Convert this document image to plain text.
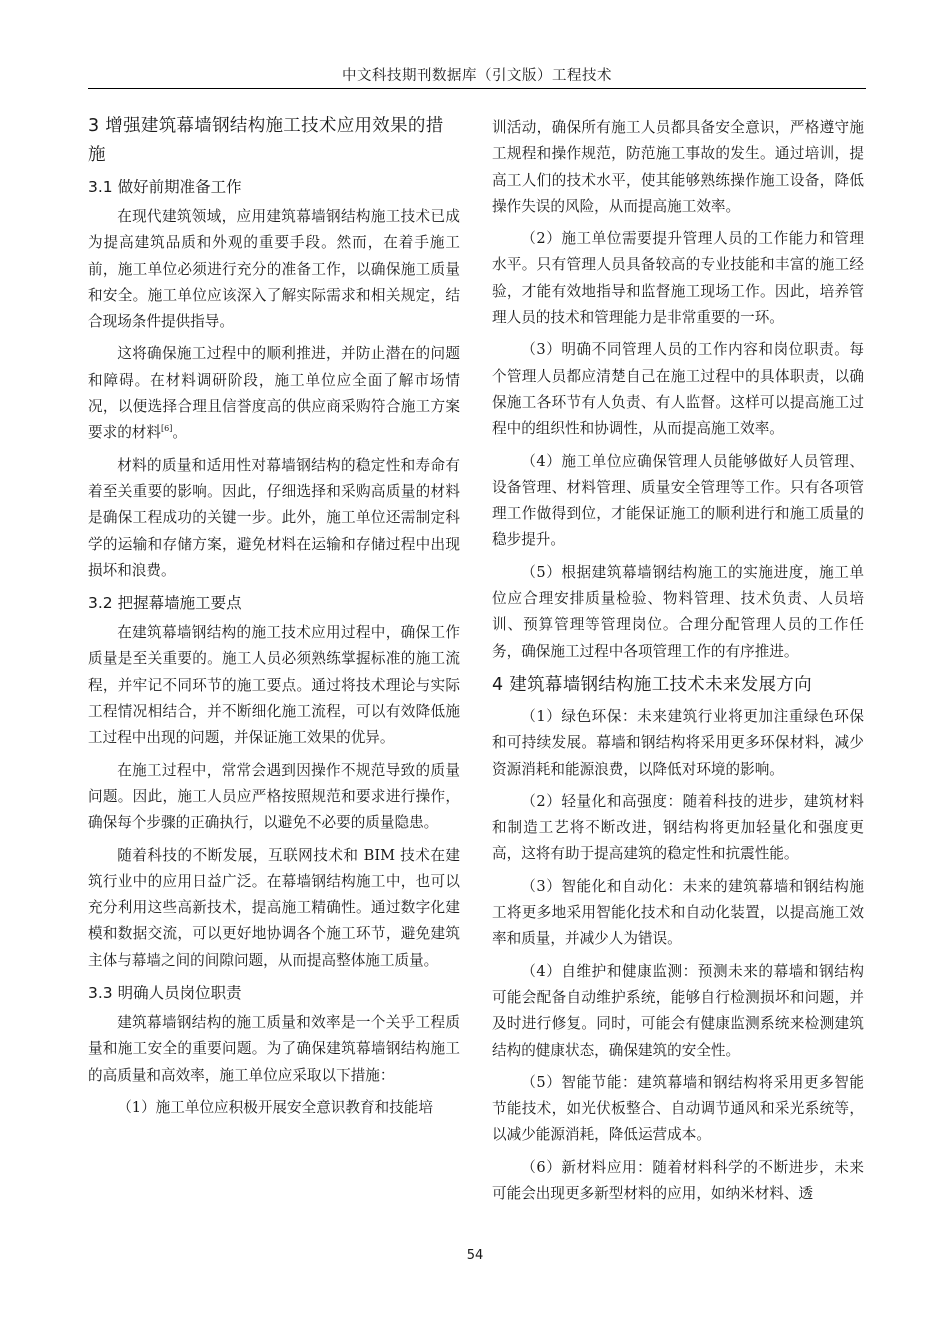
中文科技期刊数据库（引文版）工程技术
3 增强建筑幕墙钢结构施工技术应用效果的措施
3.1 做好前期准备工作

在现代建筑领域，应用建筑幕墙钢结构施工技术已成为提高建筑品质和外观的重要手段。然而，在着手施工前，施工单位必须进行充分的准备工作，以确保施工质量和安全。施工单位应该深入了解实际需求和相关规定，结合现场条件提供指导。

这将确保施工过程中的顺利推进，并防止潜在的问题和障碍。在材料调研阶段，施工单位应全面了解市场情况，以便选择合理且信誉度高的供应商采购符合施工方案要求的材料[6]。

材料的质量和适用性对幕墙钢结构的稳定性和寿命有着至关重要的影响。因此，仔细选择和采购高质量的材料是确保工程成功的关键一步。此外，施工单位还需制定科学的运输和存储方案，避免材料在运输和存储过程中出现损坏和浪费。

3.2 把握幕墙施工要点

在建筑幕墙钢结构的施工技术应用过程中，确保工作质量是至关重要的。施工人员必须熟练掌握标准的施工流程，并牢记不同环节的施工要点。通过将技术理论与实际工程情况相结合，并不断细化施工流程，可以有效降低施工过程中出现的问题，并保证施工效果的优异。

在施工过程中，常常会遇到因操作不规范导致的质量问题。因此，施工人员应严格按照规范和要求进行操作，确保每个步骤的正确执行，以避免不必要的质量隐患。

随着科技的不断发展，互联网技术和 BIM 技术在建筑行业中的应用日益广泛。在幕墙钢结构施工中，也可以充分利用这些高新技术，提高施工精确性。通过数字化建模和数据交流，可以更好地协调各个施工环节，避免建筑主体与幕墙之间的间隙问题，从而提高整体施工质量。

3.3 明确人员岗位职责

建筑幕墙钢结构的施工质量和效率是一个关乎工程质量和施工安全的重要问题。为了确保建筑幕墙钢结构施工的高质量和高效率，施工单位应采取以下措施：

（1）施工单位应积极开展安全意识教育和技能培

训活动，确保所有施工人员都具备安全意识，严格遵守施工规程和操作规范，防范施工事故的发生。通过培训，提高工人们的技术水平，使其能够熟练操作施工设备，降低操作失误的风险，从而提高施工效率。

（2）施工单位需要提升管理人员的工作能力和管理水平。只有管理人员具备较高的专业技能和丰富的施工经验，才能有效地指导和监督施工现场工作。因此，培养管理人员的技术和管理能力是非常重要的一环。

（3）明确不同管理人员的工作内容和岗位职责。每个管理人员都应清楚自己在施工过程中的具体职责，以确保施工各环节有人负责、有人监督。这样可以提高施工过程中的组织性和协调性，从而提高施工效率。

（4）施工单位应确保管理人员能够做好人员管理、设备管理、材料管理、质量安全管理等工作。只有各项管理工作做得到位，才能保证施工的顺利进行和施工质量的稳步提升。

（5）根据建筑幕墙钢结构施工的实施进度，施工单位应合理安排质量检验、物料管理、技术负责、人员培训、预算管理等管理岗位。合理分配管理人员的工作任务，确保施工过程中各项管理工作的有序推进。

4 建筑幕墙钢结构施工技术未来发展方向

（1）绿色环保：未来建筑行业将更加注重绿色环保和可持续发展。幕墙和钢结构将采用更多环保材料，减少资源消耗和能源浪费，以降低对环境的影响。

（2）轻量化和高强度：随着科技的进步，建筑材料和制造工艺将不断改进，钢结构将更加轻量化和强度更高，这将有助于提高建筑的稳定性和抗震性能。

（3）智能化和自动化：未来的建筑幕墙和钢结构施工将更多地采用智能化技术和自动化装置，以提高施工效率和质量，并减少人为错误。

（4）自维护和健康监测：预测未来的幕墙和钢结构可能会配备自动维护系统，能够自行检测损坏和问题，并及时进行修复。同时，可能会有健康监测系统来检测建筑结构的健康状态，确保建筑的安全性。

（5）智能节能：建筑幕墙和钢结构将采用更多智能节能技术，如光伏板整合、自动调节通风和采光系统等，以减少能源消耗，降低运营成本。

（6）新材料应用：随着材料科学的不断进步，未来可能会出现更多新型材料的应用，如纳米材料、透

54
